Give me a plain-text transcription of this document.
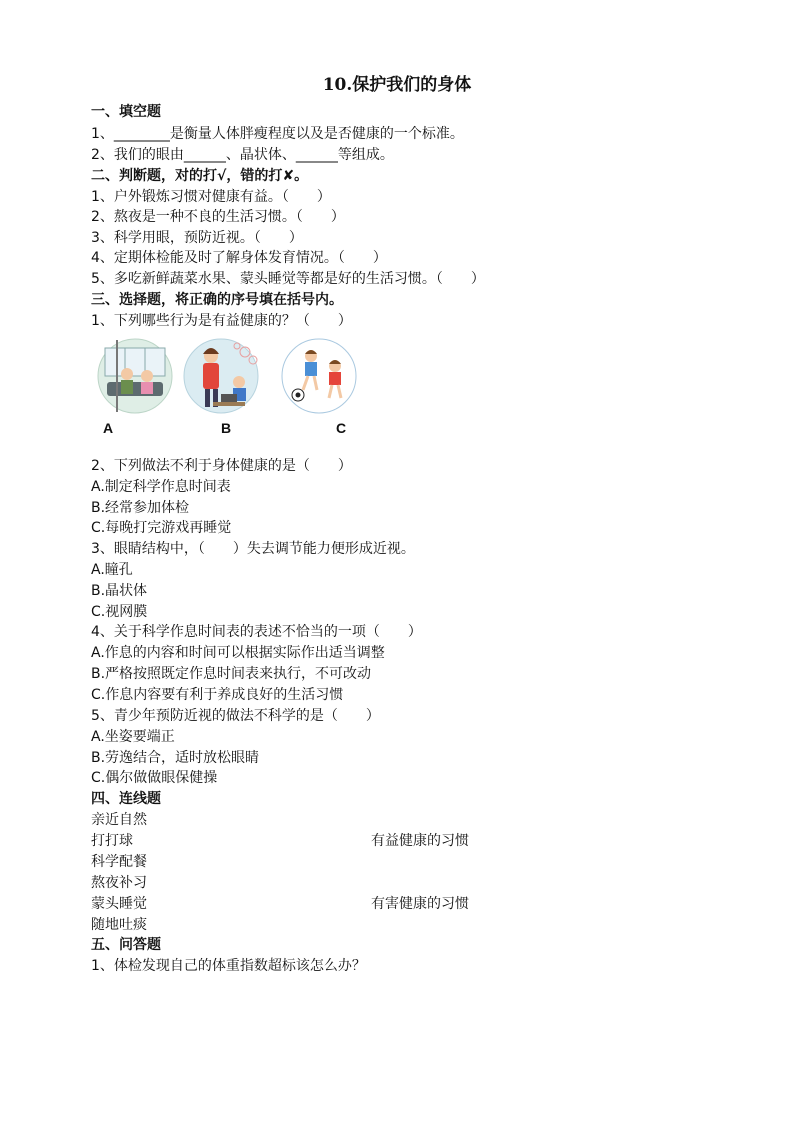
10.保护我们的身体
一、填空题
1、________是衡量人体胖瘦程度以及是否健康的一个标准。
2、我们的眼由______、晶状体、______等组成。
二、判断题，对的打√，错的打✘。
1、户外锻炼习惯对健康有益。（　　）
2、熬夜是一种不良的生活习惯。（　　）
3、科学用眼，预防近视。（　　）
4、定期体检能及时了解身体发育情况。（　　）
5、多吃新鲜蔬菜水果、蒙头睡觉等都是好的生活习惯。（　　）
三、选择题，将正确的序号填在括号内。
1、下列哪些行为是有益健康的？（　　）
A	B	C
2、下列做法不利于身体健康的是（　　）
A.制定科学作息时间表
B.经常参加体检
C.每晚打完游戏再睡觉
3、眼睛结构中，（　　）失去调节能力便形成近视。
A.瞳孔
B.晶状体
C.视网膜
4、关于科学作息时间表的表述不恰当的一项（　　）
A.作息的内容和时间可以根据实际作出适当调整
B.严格按照既定作息时间表来执行，不可改动
C.作息内容要有利于养成良好的生活习惯
5、青少年预防近视的做法不科学的是（　　）
A.坐姿要端正
B.劳逸结合，适时放松眼睛
C.偶尔做做眼保健操
四、连线题
亲近自然
打打球	有益健康的习惯
科学配餐
熬夜补习
蒙头睡觉	有害健康的习惯
随地吐痰
五、问答题
1、体检发现自己的体重指数超标该怎么办？
